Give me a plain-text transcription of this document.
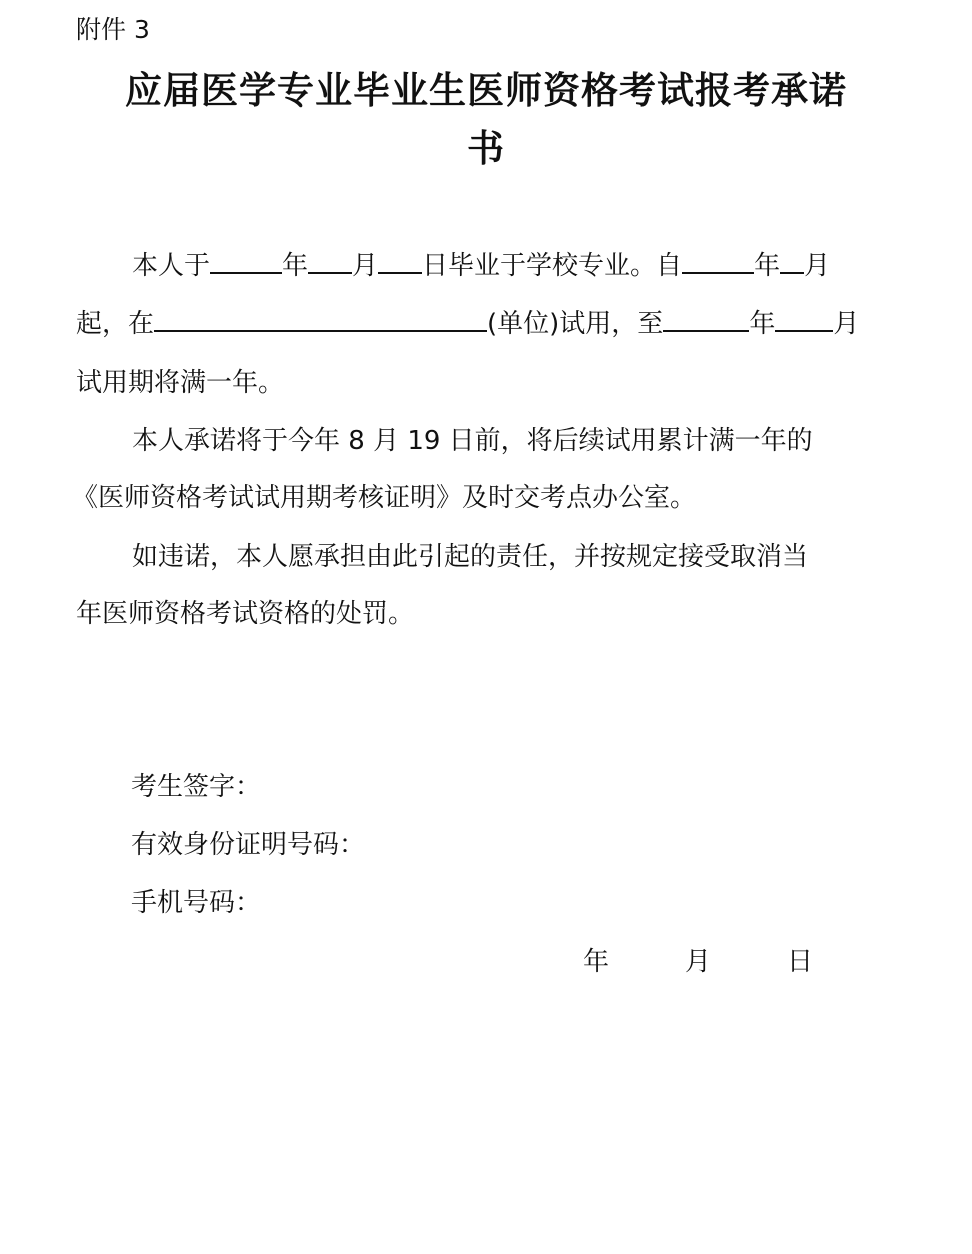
附件 3
应届医学专业毕业生医师资格考试报考承诺
书
本人于	年 月 日毕业于学校专业。自	年 月
起，在	(单位)试用，至	年 月
试用期将满一年。
本人承诺将于今年 8 月 19 日前，将后续试用累计满一年的
《医师资格考试试用期考核证明》及时交考点办公室。
如违诺，本人愿承担由此引起的责任，并按规定接受取消当
年医师资格考试资格的处罚。
考生签字：
有效身份证明号码：
手机号码：
年	月	日
